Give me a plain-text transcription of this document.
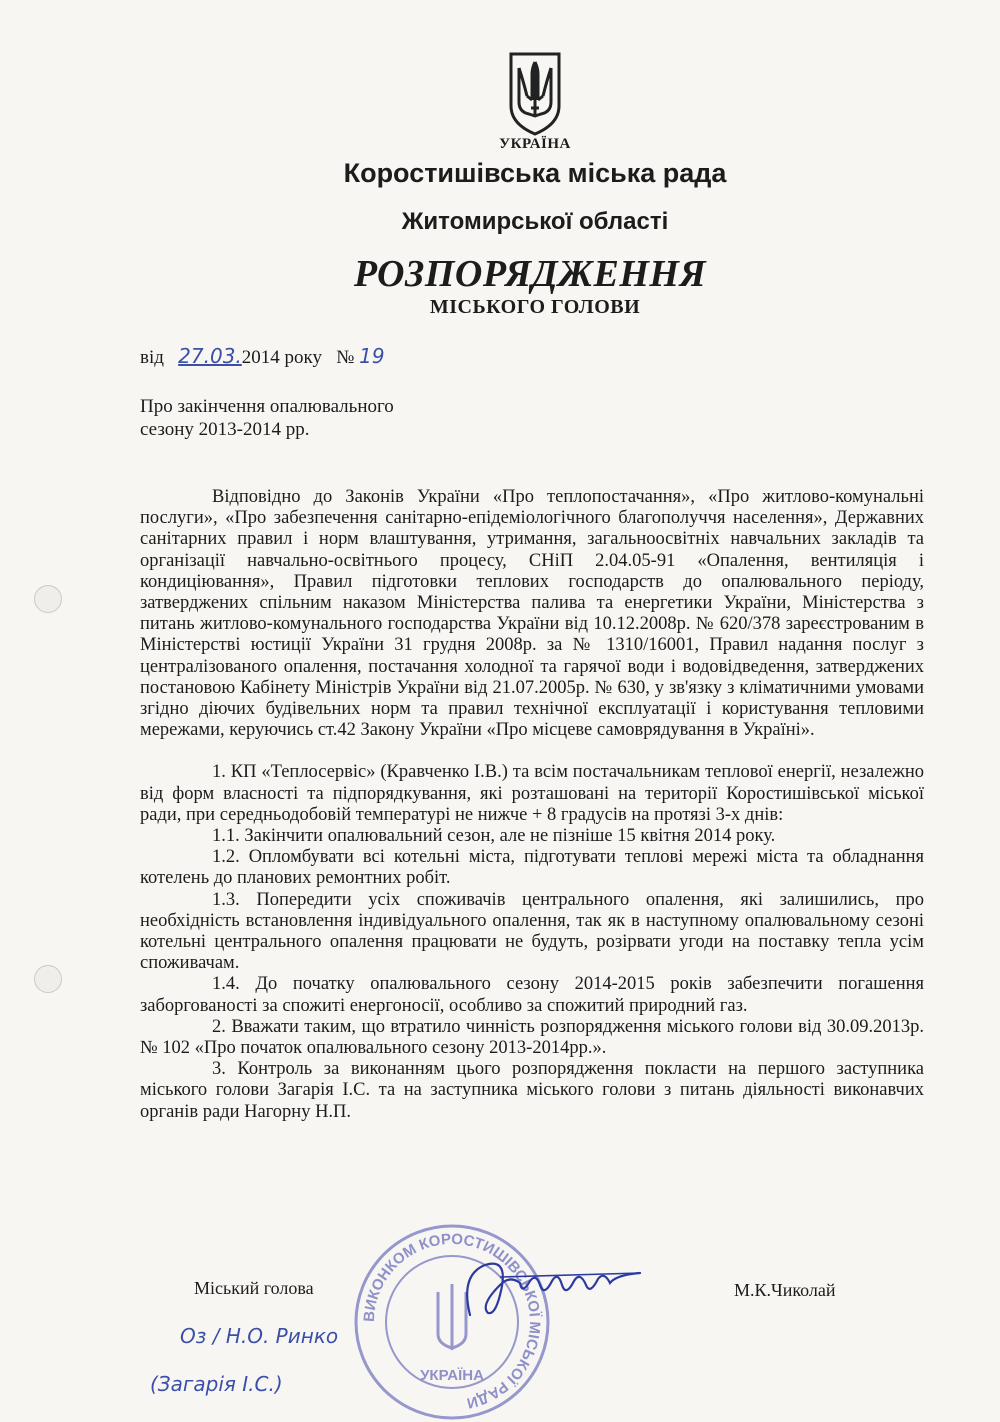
УКРАЇНА
Коростишівська міська рада
Житомирської області
РОЗПОРЯДЖЕННЯ
МІСЬКОГО ГОЛОВИ
від 27.03.2014 року № 19
Про закінчення опалювального
сезону 2013-2014 рр.

Відповідно до Законів України «Про теплопостачання», «Про житлово-комунальні послуги», «Про забезпечення санітарно-епідеміологічного благополуччя населення», Державних санітарних правил і норм влаштування, утримання, загальноосвітніх навчальних закладів та організації навчально-освітнього процесу, СНіП 2.04.05-91 «Опалення, вентиляція і кондиціювання», Правил підготовки теплових господарств до опалювального періоду, затверджених спільним наказом Міністерства палива та енергетики України, Міністерства з питань житлово-комунального господарства України від 10.12.2008р. № 620/378 зареєстрованим в Міністерстві юстиції України 31 грудня 2008р. за № 1310/16001, Правил надання послуг з централізованого опалення, постачання холодної та гарячої води і водовідведення, затверджених постановою Кабінету Міністрів України від 21.07.2005р. № 630, у зв'язку з кліматичними умовами згідно діючих будівельних норм та правил технічної експлуатації і користування тепловими мережами, керуючись ст.42 Закону України «Про місцеве самоврядування в Україні».

1. КП «Теплосервіс» (Кравченко І.В.) та всім постачальникам теплової енергії, незалежно від форм власності та підпорядкування, які розташовані на території Коростишівської міської ради, при середньодобовій температурі не нижче + 8 градусів на протязі 3-х днів:

1.1. Закінчити опалювальний сезон, але не пізніше 15 квітня 2014 року.

1.2. Опломбувати всі котельні міста, підготувати теплові мережі міста та обладнання котелень до планових ремонтних робіт.

1.3. Попередити усіх споживачів центрального опалення, які залишились, про необхідність встановлення індивідуального опалення, так як в наступному опалювальному сезоні котельні центрального опалення працювати не будуть, розірвати угоди на поставку тепла усім споживачам.

1.4. До початку опалювального сезону 2014-2015 років забезпечити погашення заборгованості за спожиті енергоносії, особливо за спожитий природний газ.

2. Вважати таким, що втратило чинність розпорядження міського голови від 30.09.2013р. № 102 «Про початок опалювального сезону 2013-2014рр.».

3. Контроль за виконанням цього розпорядження покласти на першого заступника міського голови Загарія І.С. та на заступника міського голови з питань діяльності виконавчих органів ради Нагорну Н.П.

ВИКОНКОМ КОРОСТИШІВСЬКОЇ МІСЬКОЇ РАДИ
УКРАЇНА
Міський голова	М.К.Чиколай
Оз / Н.О. Ринко
(Загарія І.С.)
